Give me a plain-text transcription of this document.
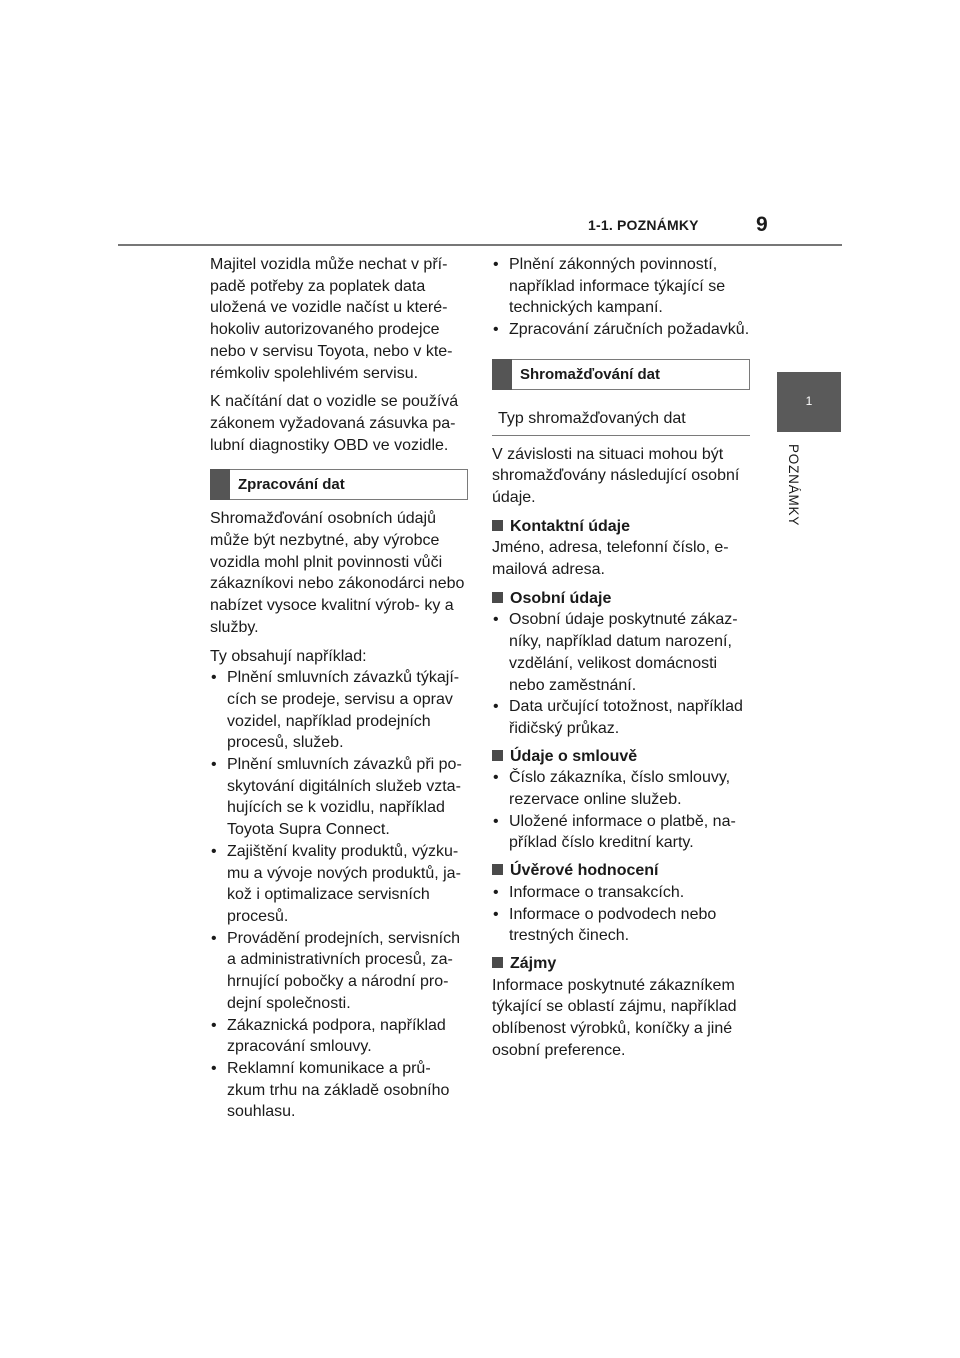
1-1. POZNÁMKY	9
1
POZNÁMKY

Majitel vozidla může nechat v pří- padě potřeby za poplatek data uložená ve vozidle načíst u které- hokoliv autorizovaného prodejce nebo v servisu Toyota, nebo v kte- rémkoliv spolehlivém servisu.

K načítání dat o vozidle se používá zákonem vyžadovaná zásuvka pa- lubní diagnostiky OBD ve vozidle.

Zpracování dat

Shromažďování osobních údajů může být nezbytné, aby výrobce vozidla mohl plnit povinnosti vůči zákazníkovi nebo zákonodárci nebo nabízet vysoce kvalitní výrob- ky a služby.

Ty obsahují například:

• Plnění smluvních závazků týkají- cích se prodeje, servisu a oprav vozidel, například prodejních procesů, služeb.
• Plnění smluvních závazků při po- skytování digitálních služeb vzta- hujících se k vozidlu, například Toyota Supra Connect.
• Zajištění kvality produktů, výzku- mu a vývoje nových produktů, ja- kož i optimalizace servisních procesů.
• Provádění prodejních, servisních a administrativních procesů, za- hrnující pobočky a národní pro- dejní společnosti.
• Zákaznická podpora, například zpracování smlouvy.
• Reklamní komunikace a prů- zkum trhu na základě osobního souhlasu.
• Plnění zákonných povinností, například informace týkající se technických kampaní.
• Zpracování záručních požadavků.
Shromažďování dat
Typ shromažďovaných dat

V závislosti na situaci mohou být shromažďovány následující osobní údaje.

Kontaktní údaje

Jméno, adresa, telefonní číslo, e-mailová adresa.

Osobní údaje
• Osobní údaje poskytnuté zákaz- níky, například datum narození, vzdělání, velikost domácnosti nebo zaměstnání.
• Data určující totožnost, například řidičský průkaz.
Údaje o smlouvě
• Číslo zákazníka, číslo smlouvy, rezervace online služeb.
• Uložené informace o platbě, na- příklad číslo kreditní karty.
Úvěrové hodnocení
• Informace o transakcích.
• Informace o podvodech nebo trestných činech.
Zájmy

Informace poskytnuté zákazníkem týkající se oblastí zájmu, například oblíbenost výrobků, koníčky a jiné osobní preference.
